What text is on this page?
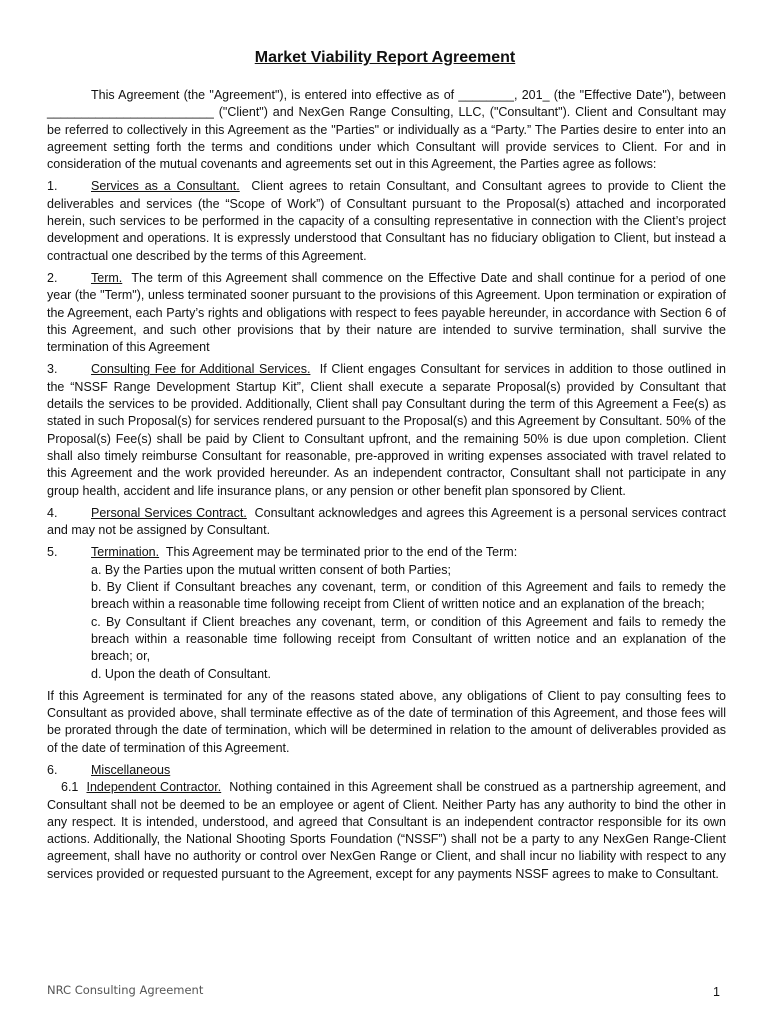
Market Viability Report Agreement

This Agreement (the "Agreement"), is entered into effective as of ________, 201_ (the "Effective Date"), between ________________________ ("Client") and NexGen Range Consulting, LLC, ("Consultant"). Client and Consultant may be referred to collectively in this Agreement as the "Parties" or individually as a “Party.” The Parties desire to enter into an agreement setting forth the terms and conditions under which Consultant will provide services to Client. For and in consideration of the mutual covenants and agreements set out in this Agreement, the Parties agree as follows:

1.	Services as a Consultant. Client agrees to retain Consultant, and Consultant agrees to provide to Client the deliverables and services (the “Scope of Work”) of Consultant pursuant to the Proposal(s) attached and incorporated herein, such services to be performed in the capacity of a consulting representative in connection with the Client’s project development and operations. It is expressly understood that Consultant has no fiduciary obligation to Client, but instead a contractual one described by the terms of this Agreement.

2.	Term. The term of this Agreement shall commence on the Effective Date and shall continue for a period of one year (the "Term"), unless terminated sooner pursuant to the provisions of this Agreement. Upon termination or expiration of the Agreement, each Party’s rights and obligations with respect to fees payable hereunder, in accordance with Section 6 of this Agreement, and such other provisions that by their nature are intended to survive termination, shall survive the termination of this Agreement

3.	Consulting Fee for Additional Services. If Client engages Consultant for services in addition to those outlined in the “NSSF Range Development Startup Kit”, Client shall execute a separate Proposal(s) provided by Consultant that details the services to be provided. Additionally, Client shall pay Consultant during the term of this Agreement a Fee(s) as stated in such Proposal(s) for services rendered pursuant to the Proposal(s) and this Agreement by Consultant. 50% of the Proposal(s) Fee(s) shall be paid by Client to Consultant upfront, and the remaining 50% is due upon completion. Client shall also timely reimburse Consultant for reasonable, pre-approved in writing expenses associated with travel related to this Agreement and the work provided hereunder. As an independent contractor, Consultant shall not participate in any group health, accident and life insurance plans, or any pension or other benefit plan sponsored by Client.

4.	Personal Services Contract. Consultant acknowledges and agrees this Agreement is a personal services contract and may not be assigned by Consultant.

5.	Termination. This Agreement may be terminated prior to the end of the Term:
a. By the Parties upon the mutual written consent of both Parties;
b. By Client if Consultant breaches any covenant, term, or condition of this Agreement and fails to remedy the breach within a reasonable time following receipt from Client of written notice and an explanation of the breach;
c. By Consultant if Client breaches any covenant, term, or condition of this Agreement and fails to remedy the breach within a reasonable time following receipt from Consultant of written notice and an explanation of the breach; or,
d. Upon the death of Consultant.

If this Agreement is terminated for any of the reasons stated above, any obligations of Client to pay consulting fees to Consultant as provided above, shall terminate effective as of the date of termination of this Agreement, and those fees will be prorated through the date of termination, which will be determined in relation to the amount of deliverables provided as of the date of termination of this Agreement.

6.	Miscellaneous

6.1 Independent Contractor. Nothing contained in this Agreement shall be construed as a partnership agreement, and Consultant shall not be deemed to be an employee or agent of Client. Neither Party has any authority to bind the other in any respect. It is intended, understood, and agreed that Consultant is an independent contractor responsible for its own actions. Additionally, the National Shooting Sports Foundation (“NSSF”) shall not be a party to any NexGen Range-Client agreement, shall have no authority or control over NexGen Range or Client, and shall incur no liability with respect to any services provided or requested pursuant to the Agreement, except for any payments NSSF agrees to make to Consultant.

NRC Consulting Agreement	1
